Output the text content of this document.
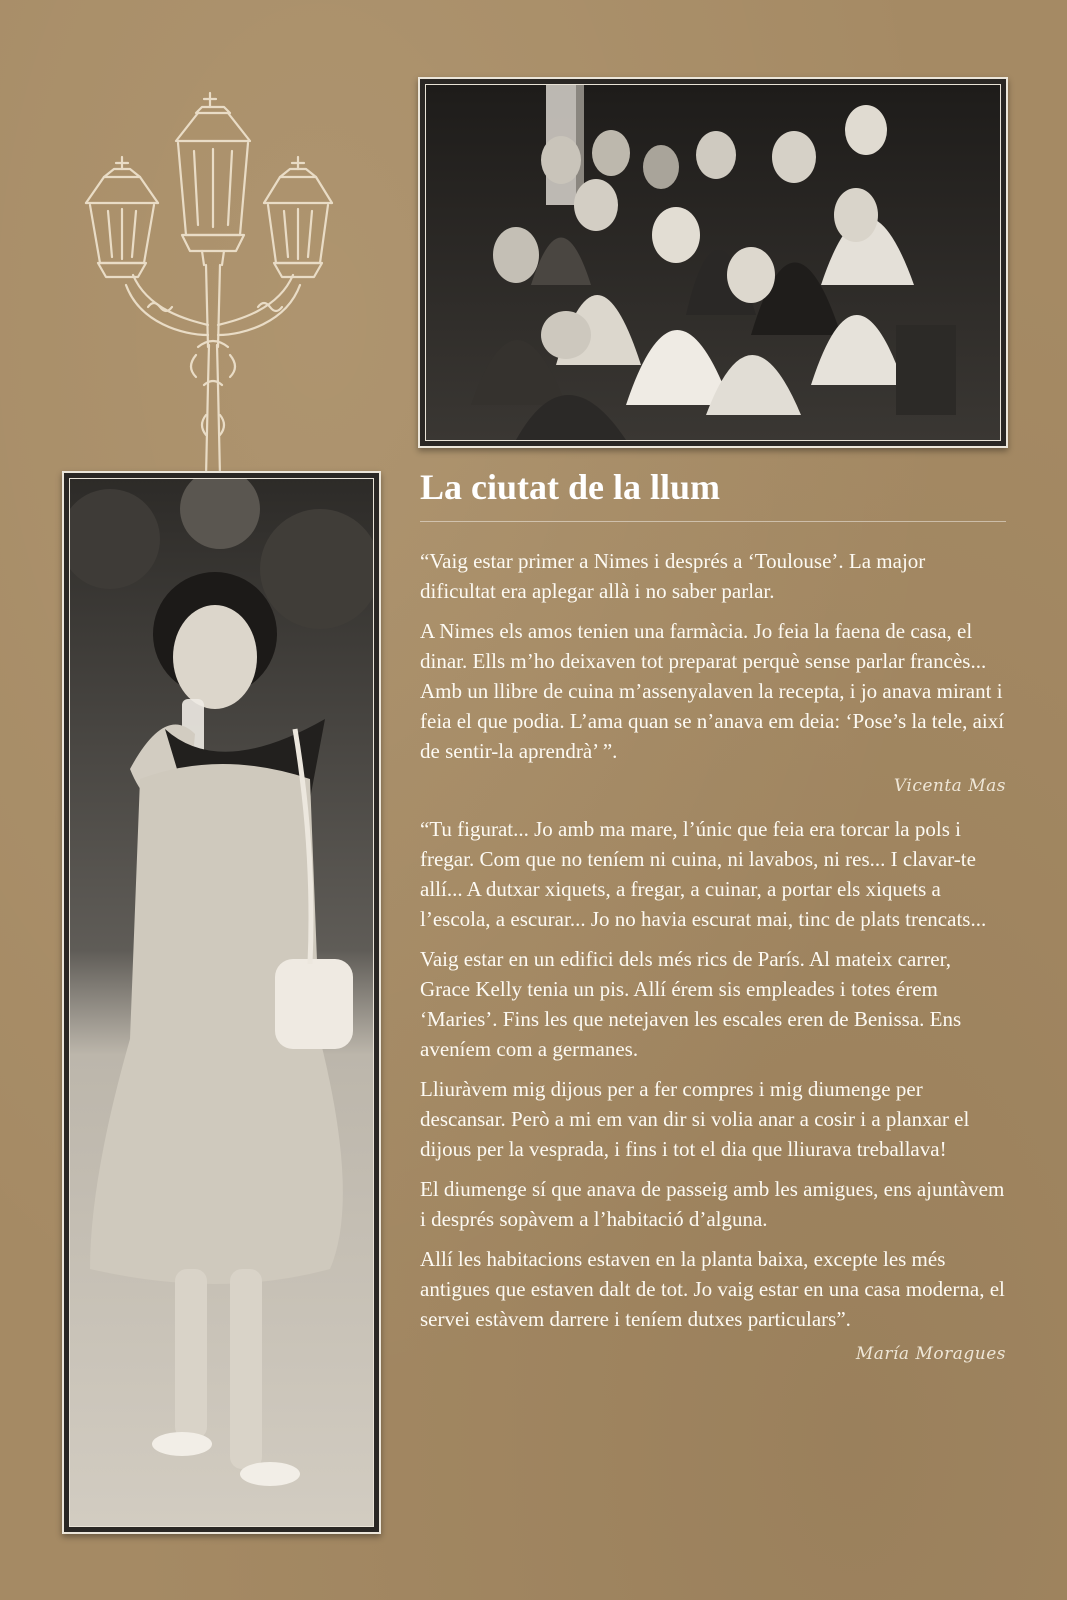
La ciutat de la llum

“Vaig estar primer a Nimes i després a ‘Toulouse’. La major dificultat era aplegar allà i no saber parlar.

A Nimes els amos tenien una farmàcia. Jo feia la faena de casa, el dinar. Ells m’ho deixaven tot preparat perquè sense parlar francès... Amb un llibre de cuina m’assenyalaven la recepta, i jo anava mirant i feia el que podia. L’ama quan se n’anava em deia: ‘Pose’s la tele, així de sentir-la aprendrà’ ”.

Vicenta Mas

“Tu figurat... Jo amb ma mare, l’únic que feia era torcar la pols i fregar. Com que no teníem ni cuina, ni lavabos, ni res... I clavar-te allí... A dutxar xiquets, a fregar, a cuinar, a portar els xiquets a l’escola, a escurar... Jo no havia escurat mai, tinc de plats trencats...

Vaig estar en un edifici dels més rics de París. Al mateix carrer, Grace Kelly tenia un pis. Allí érem sis empleades i totes érem ‘Maries’. Fins les que netejaven les escales eren de Benissa. Ens aveníem com a germanes.

Lliuràvem mig dijous per a fer compres i mig diumenge per descansar. Però a mi em van dir si volia anar a cosir i a planxar el dijous per la vesprada, i fins i tot el dia que lliurava treballava!

El diumenge sí que anava de passeig amb les amigues, ens ajuntàvem i després sopàvem a l’habitació d’alguna.

Allí les habitacions estaven en la planta baixa, excepte les més antigues que estaven dalt de tot. Jo vaig estar en una casa moderna, el servei estàvem darrere i teníem dutxes particulars”.

María Moragues
